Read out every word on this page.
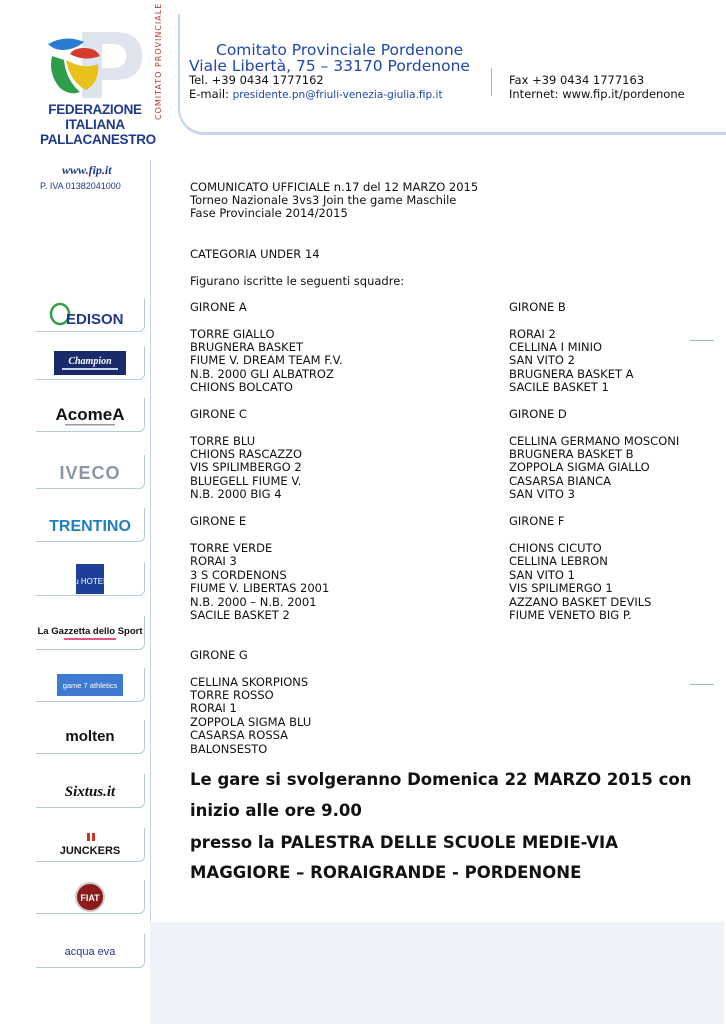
COMITATO PROVINCIALE
FEDERAZIONE
ITALIANA
PALLACANESTRO
www.fip.it
P. IVA 01382041000
Comitato Provinciale Pordenone
Viale Libertà, 75 – 33170 Pordenone
Tel. +39 0434 1777162
E-mail: presidente.pn@friuli-venezia-giulia.fip.it
Fax +39 0434 1777163
Internet: www.fip.it/pordenone
EDISON
Champion
AcomeA
IVECO
TRENTINO
Blu HOTELS
La Gazzetta dello Sport
game 7 athletics
molten
Sixtus.it
JUNCKERS
FIAT
acqua eva
COMUNICATO UFFICIALE n.17 del 12 MARZO 2015
Torneo Nazionale 3vs3 Join the game Maschile
Fase Provinciale 2014/2015
CATEGORIA UNDER 14
Figurano iscritte le seguenti squadre:
GIRONE A
TORRE GIALLO
BRUGNERA BASKET
FIUME V. DREAM TEAM F.V.
N.B. 2000 GLI ALBATROZ
CHIONS BOLCATO
GIRONE B
RORAI 2
CELLINA I MINIO
SAN VITO 2
BRUGNERA BASKET A
SACILE BASKET 1
GIRONE C
TORRE BLU
CHIONS RASCAZZO
VIS SPILIMBERGO 2
BLUEGELL FIUME V.
N.B. 2000 BIG 4
GIRONE D
CELLINA GERMANO MOSCONI
BRUGNERA BASKET B
ZOPPOLA SIGMA GIALLO
CASARSA BIANCA
SAN VITO 3
GIRONE E
TORRE VERDE
RORAI 3
3 S CORDENONS
FIUME V. LIBERTAS 2001
N.B. 2000 – N.B. 2001
SACILE BASKET 2
GIRONE F
CHIONS CICUTO
CELLINA LEBRON
SAN VITO 1
VIS SPILIMERGO 1
AZZANO BASKET DEVILS
FIUME VENETO BIG P.
GIRONE G
CELLINA SKORPIONS
TORRE ROSSO
RORAI 1
ZOPPOLA SIGMA BLU
CASARSA ROSSA
BALONSESTO
Le gare si svolgeranno Domenica 22 MARZO 2015 con
inizio alle ore 9.00
presso la PALESTRA DELLE SCUOLE MEDIE-VIA
MAGGIORE – RORAIGRANDE - PORDENONE
